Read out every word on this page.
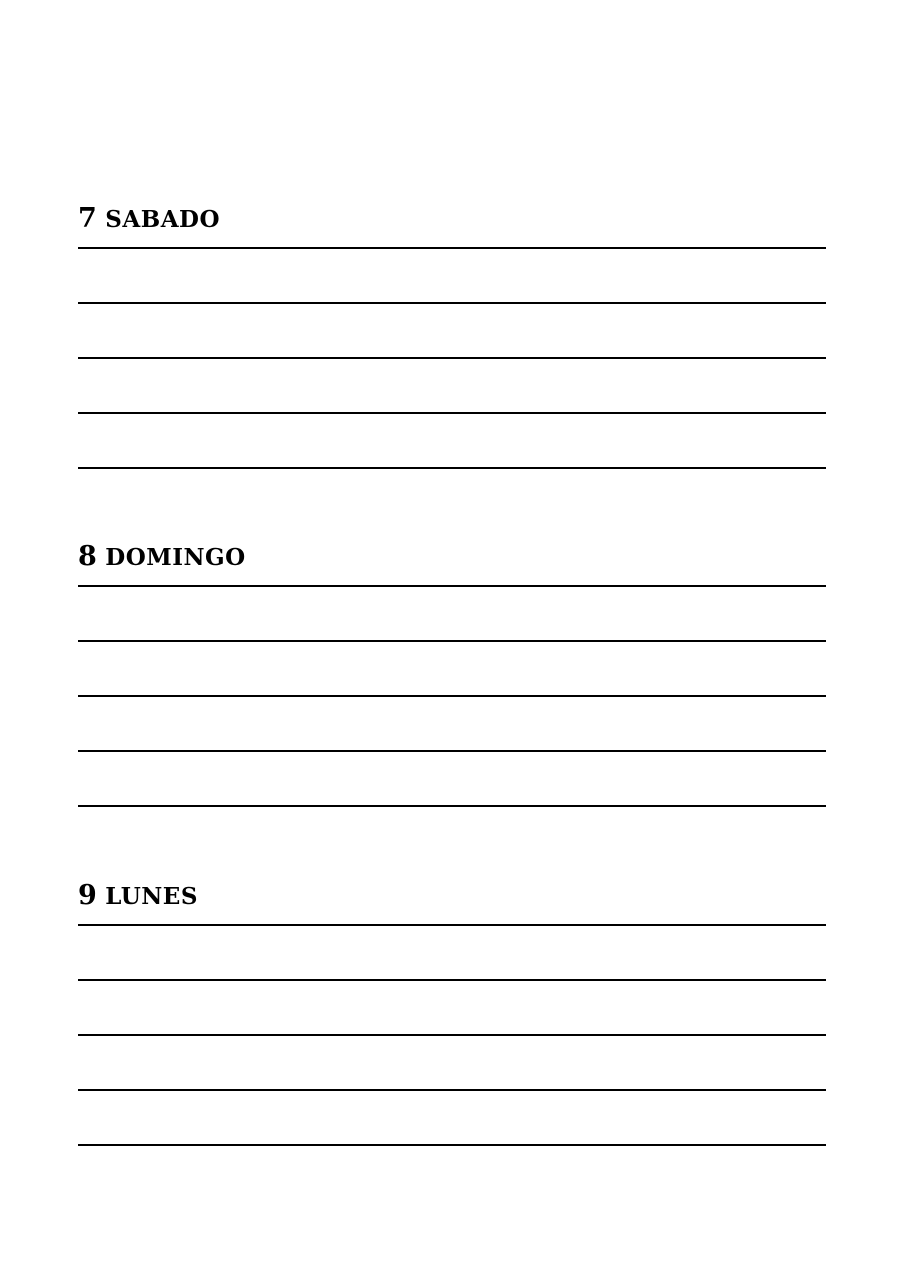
7 SABADO
8 DOMINGO
9 LUNES
